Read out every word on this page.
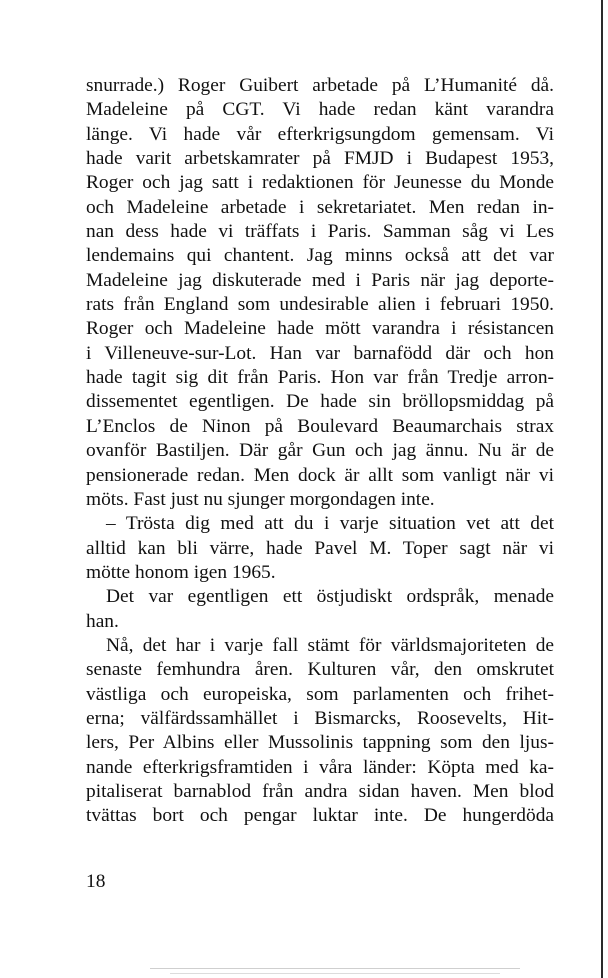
snurrade.) Roger Guibert arbetade på L’Humanité då.
Madeleine på CGT. Vi hade redan känt varandra
länge. Vi hade vår efterkrigsungdom gemensam. Vi
hade varit arbetskamrater på FMJD i Budapest 1953,
Roger och jag satt i redaktionen för Jeunesse du Monde
och Madeleine arbetade i sekretariatet. Men redan in-
nan dess hade vi träffats i Paris. Samman såg vi Les
lendemains qui chantent. Jag minns också att det var
Madeleine jag diskuterade med i Paris när jag deporte-
rats från England som undesirable alien i februari 1950.
Roger och Madeleine hade mött varandra i résistancen
i Villeneuve-sur-Lot. Han var barnafödd där och hon
hade tagit sig dit från Paris. Hon var från Tredje arron-
dissementet egentligen. De hade sin bröllopsmiddag på
L’Enclos de Ninon på Boulevard Beaumarchais strax
ovanför Bastiljen. Där går Gun och jag ännu. Nu är de
pensionerade redan. Men dock är allt som vanligt när vi
möts. Fast just nu sjunger morgondagen inte.
– Trösta dig med att du i varje situation vet att det
alltid kan bli värre, hade Pavel M. Toper sagt när vi
mötte honom igen 1965.
Det var egentligen ett östjudiskt ordspråk, menade
han.
Nå, det har i varje fall stämt för världsmajoriteten de
senaste femhundra åren. Kulturen vår, den omskrutet
västliga och europeiska, som parlamenten och frihet-
erna; välfärdssamhället i Bismarcks, Roosevelts, Hit-
lers, Per Albins eller Mussolinis tappning som den ljus-
nande efterkrigsframtiden i våra länder: Köpta med ka-
pitaliserat barnablod från andra sidan haven. Men blod
tvättas bort och pengar luktar inte. De hungerdöda
18
